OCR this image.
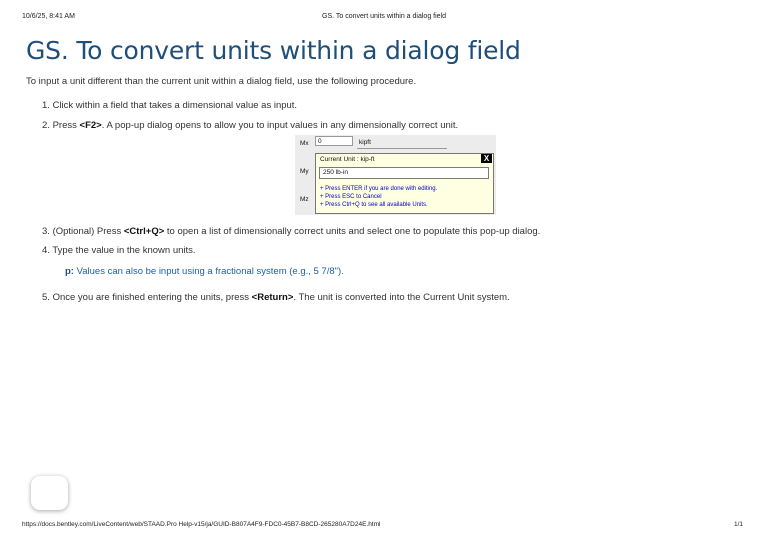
10/6/25, 8:41 AM	GS. To convert units within a dialog field
GS. To convert units within a dialog field
To input a unit different than the current unit within a dialog field, use the following procedure.
1. Click within a field that takes a dimensional value as input.
2. Press <F2>. A pop-up dialog opens to allow you to input values in any dimensionally correct unit.
Mx	0	kipft
My
Mz
Current Unit : kip-ft	X
250 lb-in
+ Press ENTER if you are done with editing.
+ Press ESC to Cancel
+ Press Ctrl+Q to see all available Units.
3. (Optional) Press <Ctrl+Q> to open a list of dimensionally correct units and select one to populate this pop-up dialog.
4. Type the value in the known units.
p: Values can also be input using a fractional system (e.g., 5 7/8").
5. Once you are finished entering the units, press <Return>. The unit is converted into the Current Unit system.
https://docs.bentley.com/LiveContent/web/STAAD.Pro Help-v15/ja/GUID-B807A4F9-FDC0-45B7-B8CD-265280A7D24E.html	1/1
